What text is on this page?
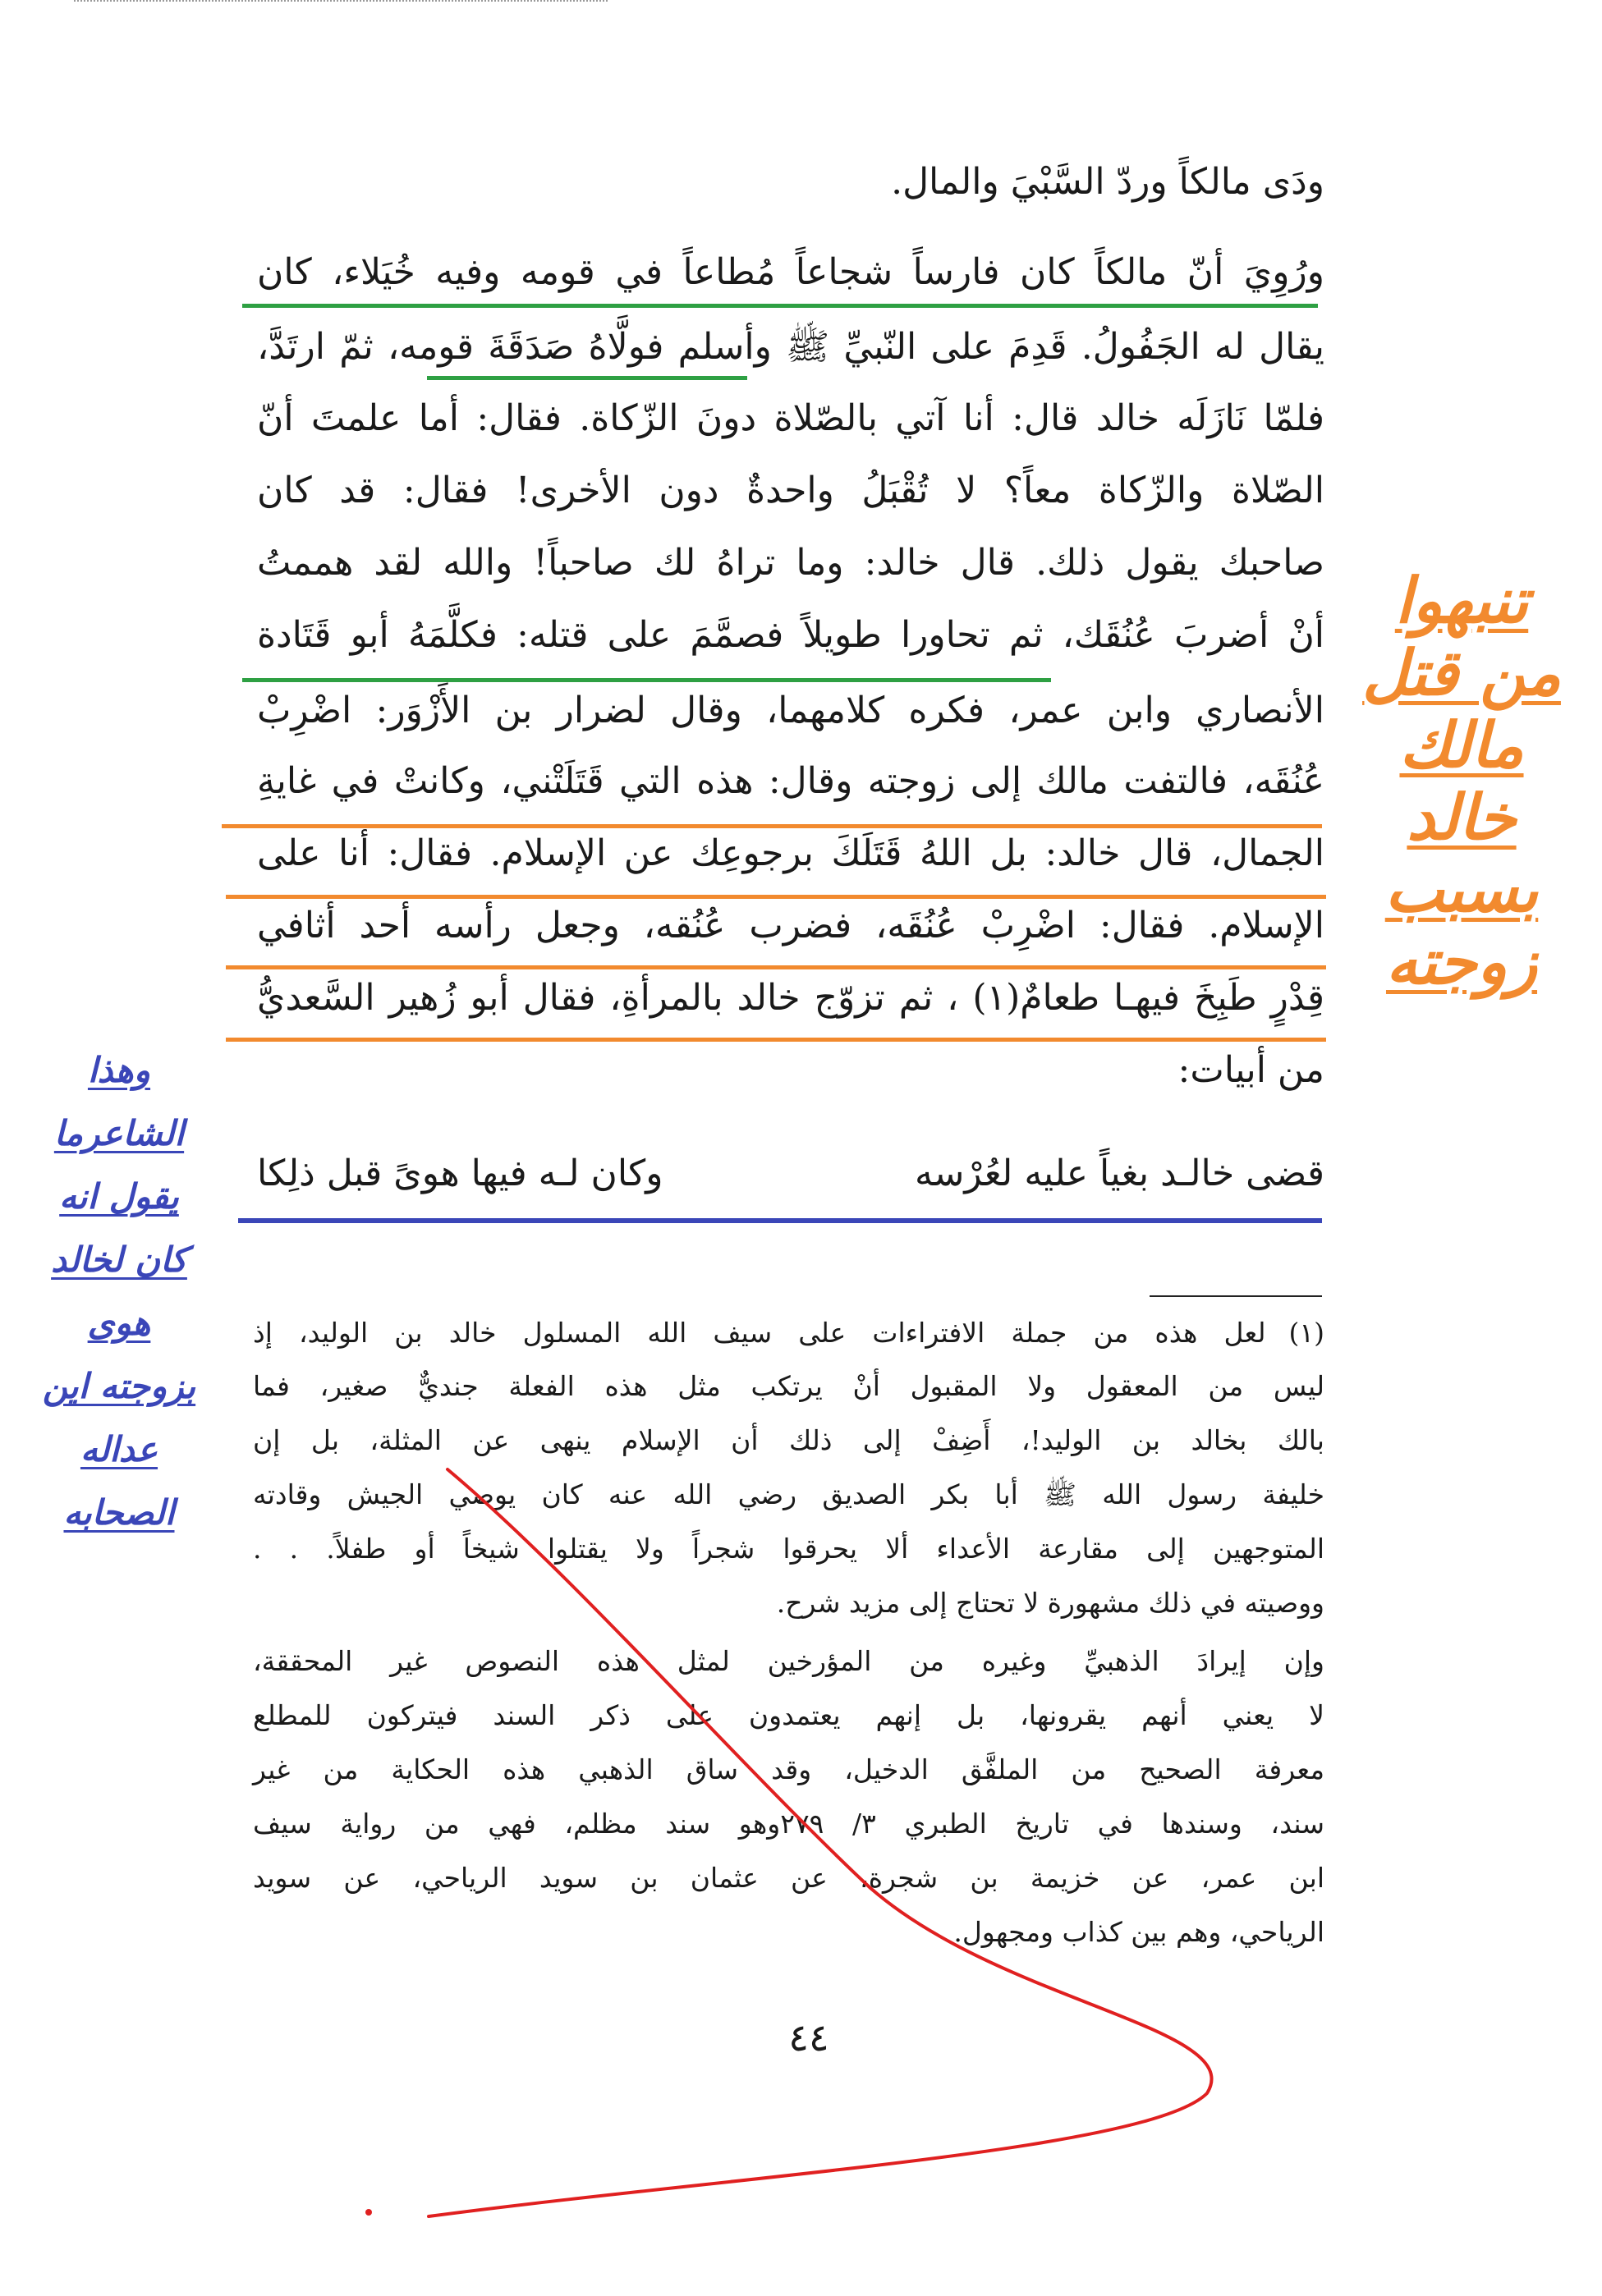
ودَى مالكاً وردّ السَّبْيَ والمال.
ورُوِيَ أنّ مالكاً كان فارساً شجاعاً مُطاعاً في قومه وفيه خُيَلاء، كان
يقال له الجَفُولُ. قَدِمَ على النّبيِّ ﷺ وأسلم فولَّاهُ صَدَقَةَ قومه، ثمّ ارتَدَّ،
فلمّا نَازَلَه خالد قال: أنا آتي بالصّلاة دونَ الزّكاة. فقال: أما علمتَ أنّ
الصّلاة والزّكاة معاً؟ لا تُقْبَلُ واحدةٌ دون الأخرى! فقال: قد كان
صاحبك يقول ذلك. قال خالد: وما تراهُ لك صاحباً! والله لقد هممتُ
أنْ أضربَ عُنُقَك، ثم تحاورا طويلاً فصمَّمَ على قتله: فكلَّمَهُ أبو قَتَادة
الأنصاري وابن عمر، فكره كلامهما، وقال لضرار بن الأَزْوَر: اضْرِبْ
عُنُقَه، فالتفت مالك إلى زوجته وقال: هذه التي قَتَلَتْني، وكانتْ في غايةِ
الجمال، قال خالد: بل اللهُ قَتَلَكَ برجوعِك عن الإسلام. فقال: أنا على
الإسلام. فقال: اضْرِبْ عُنُقَه، فضرب عُنُقه، وجعل رأسه أحد أثافي
قِدْرٍ طَبِخَ فيهـا طعامٌ(١) ، ثم تزوّج خالد بالمرأةِ، فقال أبو زُهير السَّعديُّ
من أبيات:
قضى خالـد بغياً عليه لعُرْسه
وكان لـه فيها هوىً قبل ذلِكا
(١)لعل هذه من جملة الافتراءات على سيف الله المسلول خالد بن الوليد، إذ
ليس من المعقول ولا المقبول أنْ يرتكب مثل هذه الفعلة جنديٌّ صغير، فما
بالك بخالد بن الوليد!، أَضِفْ إلى ذلك أن الإسلام ينهى عن المثلة، بل إن
خليفة رسول الله ﷺ أبا بكر الصديق رضي الله عنه كان يوصي الجيش وقادته
المتوجهين إلى مقارعة الأعداء ألا يحرقوا شجراً ولا يقتلوا شيخاً أو طفلاً. . .
ووصيته في ذلك مشهورة لا تحتاج إلى مزيد شرح.
وإن إيرادَ الذهبيِّ وغيره من المؤرخين لمثل هذه النصوص غير المحققة،
لا يعني أنهم يقرونها، بل إنهم يعتمدون على ذكر السند فيتركون للمطلع
معرفة الصحيح من الملفَّق الدخيل، وقد ساق الذهبي هذه الحكاية من غير
سند، وسندها في تاريخ الطبري ٣/ ٢٧٩وهو سند مظلم، فهي من رواية سيف
ابن عمر، عن خزيمة بن شجرة، عن عثمان بن سويد الرياحي، عن سويد
الرياحي، وهم بين كذاب ومجهول.
٤٤
تنبهوا
من قتل
مالك
خالد
بسبب
زوجته
وهذا
الشاعرما
يقول انه
كان لخالد
هوى
بزوجته اين
عداله
الصحابه
